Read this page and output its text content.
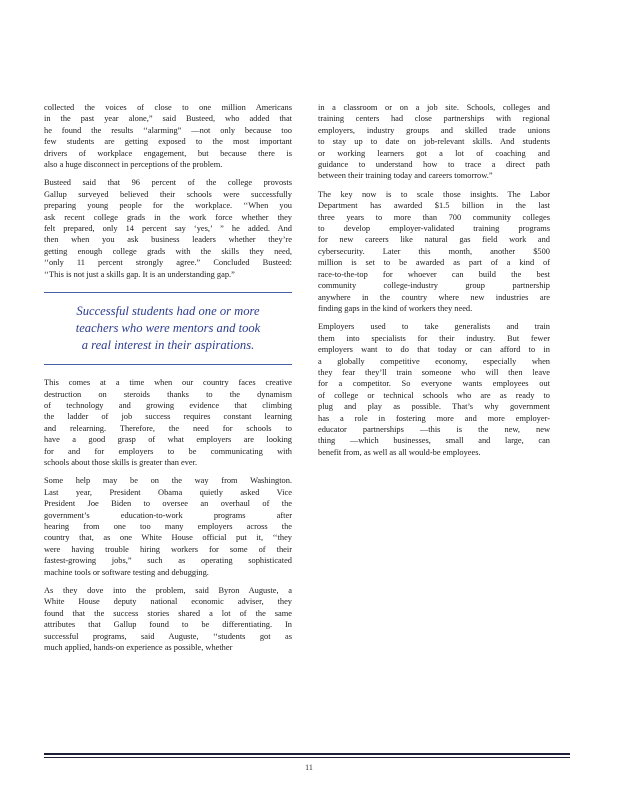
collected the voices of close to one million Americans
in the past year alone,” said Busteed, who added that
he found the results ‘‘alarming” —not only because too
few students are getting exposed to the most important
drivers of workplace engagement, but because there is
also a huge disconnect in perceptions of the problem.

Busteed said that 96 percent of the college provosts
Gallup surveyed believed their schools were successfully
preparing young people for the workplace. ‘‘When you
ask recent college grads in the work force whether they
felt prepared, only 14 percent say ‘yes,’ ” he added. And
then when you ask business leaders whether they’re
getting enough college grads with the skills they need,
‘‘only 11 percent strongly agree.” Concluded Busteed:
‘‘This is not just a skills gap. It is an understanding gap.”

Successful students had one or more
teachers who were mentors and took
a real interest in their aspirations.

This comes at a time when our country faces creative
destruction on steroids thanks to the dynamism
of technology and growing evidence that climbing
the ladder of job success requires constant learning
and relearning. Therefore, the need for schools to
have a good grasp of what employers are looking
for and for employers to be communicating with
schools about those skills is greater than ever.

Some help may be on the way from Washington.
Last year, President Obama quietly asked Vice
President Joe Biden to oversee an overhaul of the
government’s education-to-work programs after
hearing from one too many employers across the
country that, as one White House official put it, ‘‘they
were having trouble hiring workers for some of their
fastest-growing jobs,” such as operating sophisticated
machine tools or software testing and debugging.

As they dove into the problem, said Byron Auguste, a
White House deputy national economic adviser, they
found that the success stories shared a lot of the same
attributes that Gallup found to be differentiating. In
successful programs, said Auguste, ‘‘students got as
much applied, hands-on experience as possible, whether

in a classroom or on a job site. Schools, colleges and
training centers had close partnerships with regional
employers, industry groups and skilled trade unions
to stay up to date on job-relevant skills. And students
or working learners got a lot of coaching and
guidance to understand how to trace a direct path
between their training today and careers tomorrow.”

The key now is to scale those insights. The Labor
Department has awarded $1.5 billion in the last
three years to more than 700 community colleges
to develop employer-validated training programs
for new careers like natural gas field work and
cybersecurity. Later this month, another $500
million is set to be awarded as part of a kind of
race-to-the-top for whoever can build the best
community college-industry group partnership
anywhere in the country where new industries are
finding gaps in the kind of workers they need.

Employers used to take generalists and train
them into specialists for their industry. But fewer
employers want to do that today or can afford to in
a globally competitive economy, especially when
they fear they’ll train someone who will then leave
for a competitor. So everyone wants employees out
of college or technical schools who are as ready to
plug and play as possible. That’s why government
has a role in fostering more and more employer-
educator partnerships —this is the new, new
thing —which businesses, small and large, can
benefit from, as well as all would-be employees.

11
